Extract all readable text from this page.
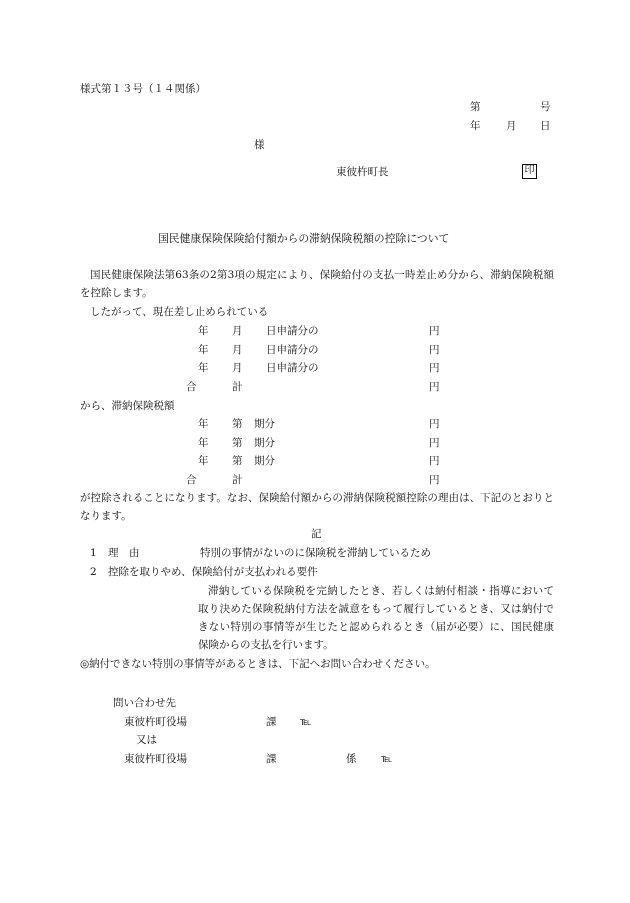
様式第１３号（１４関係）
第	号
年 月 日
様
東彼杵町長	印
国民健康保険保険給付額からの滞納保険税額の控除について
国民健康保険法第63条の2第3項の規定により、保険給付の支払一時差止め分から、滞納保険税額を控除します。
したがって、現在差し止められている
年 月 日申請分の	円
年 月 日申請分の	円
年 月 日申請分の	円
合	計	円
から、滞納保険税額
年 第 期分	円
年 第 期分	円
年 第 期分	円
合	計	円
が控除されることになります。なお、保険給付額からの滞納保険税額控除の理由は、下記のとおりとなります。
記
1 理　由	特別の事情がないのに保険税を滞納しているため
2 控除を取りやめ、保険給付が支払われる要件
滞納している保険税を完納したとき、若しくは納付相談・指導において取り決めた保険税納付方法を誠意をもって履行しているとき、又は納付できない特別の事情等が生じたと認められるとき（届が必要）に、国民健康保険からの支払を行います。
◎納付できない特別の事情等があるときは、下記へお問い合わせください。
問い合わせ先
東彼杵町役場	課 ℡
又は
東彼杵町役場	課	係 ℡
